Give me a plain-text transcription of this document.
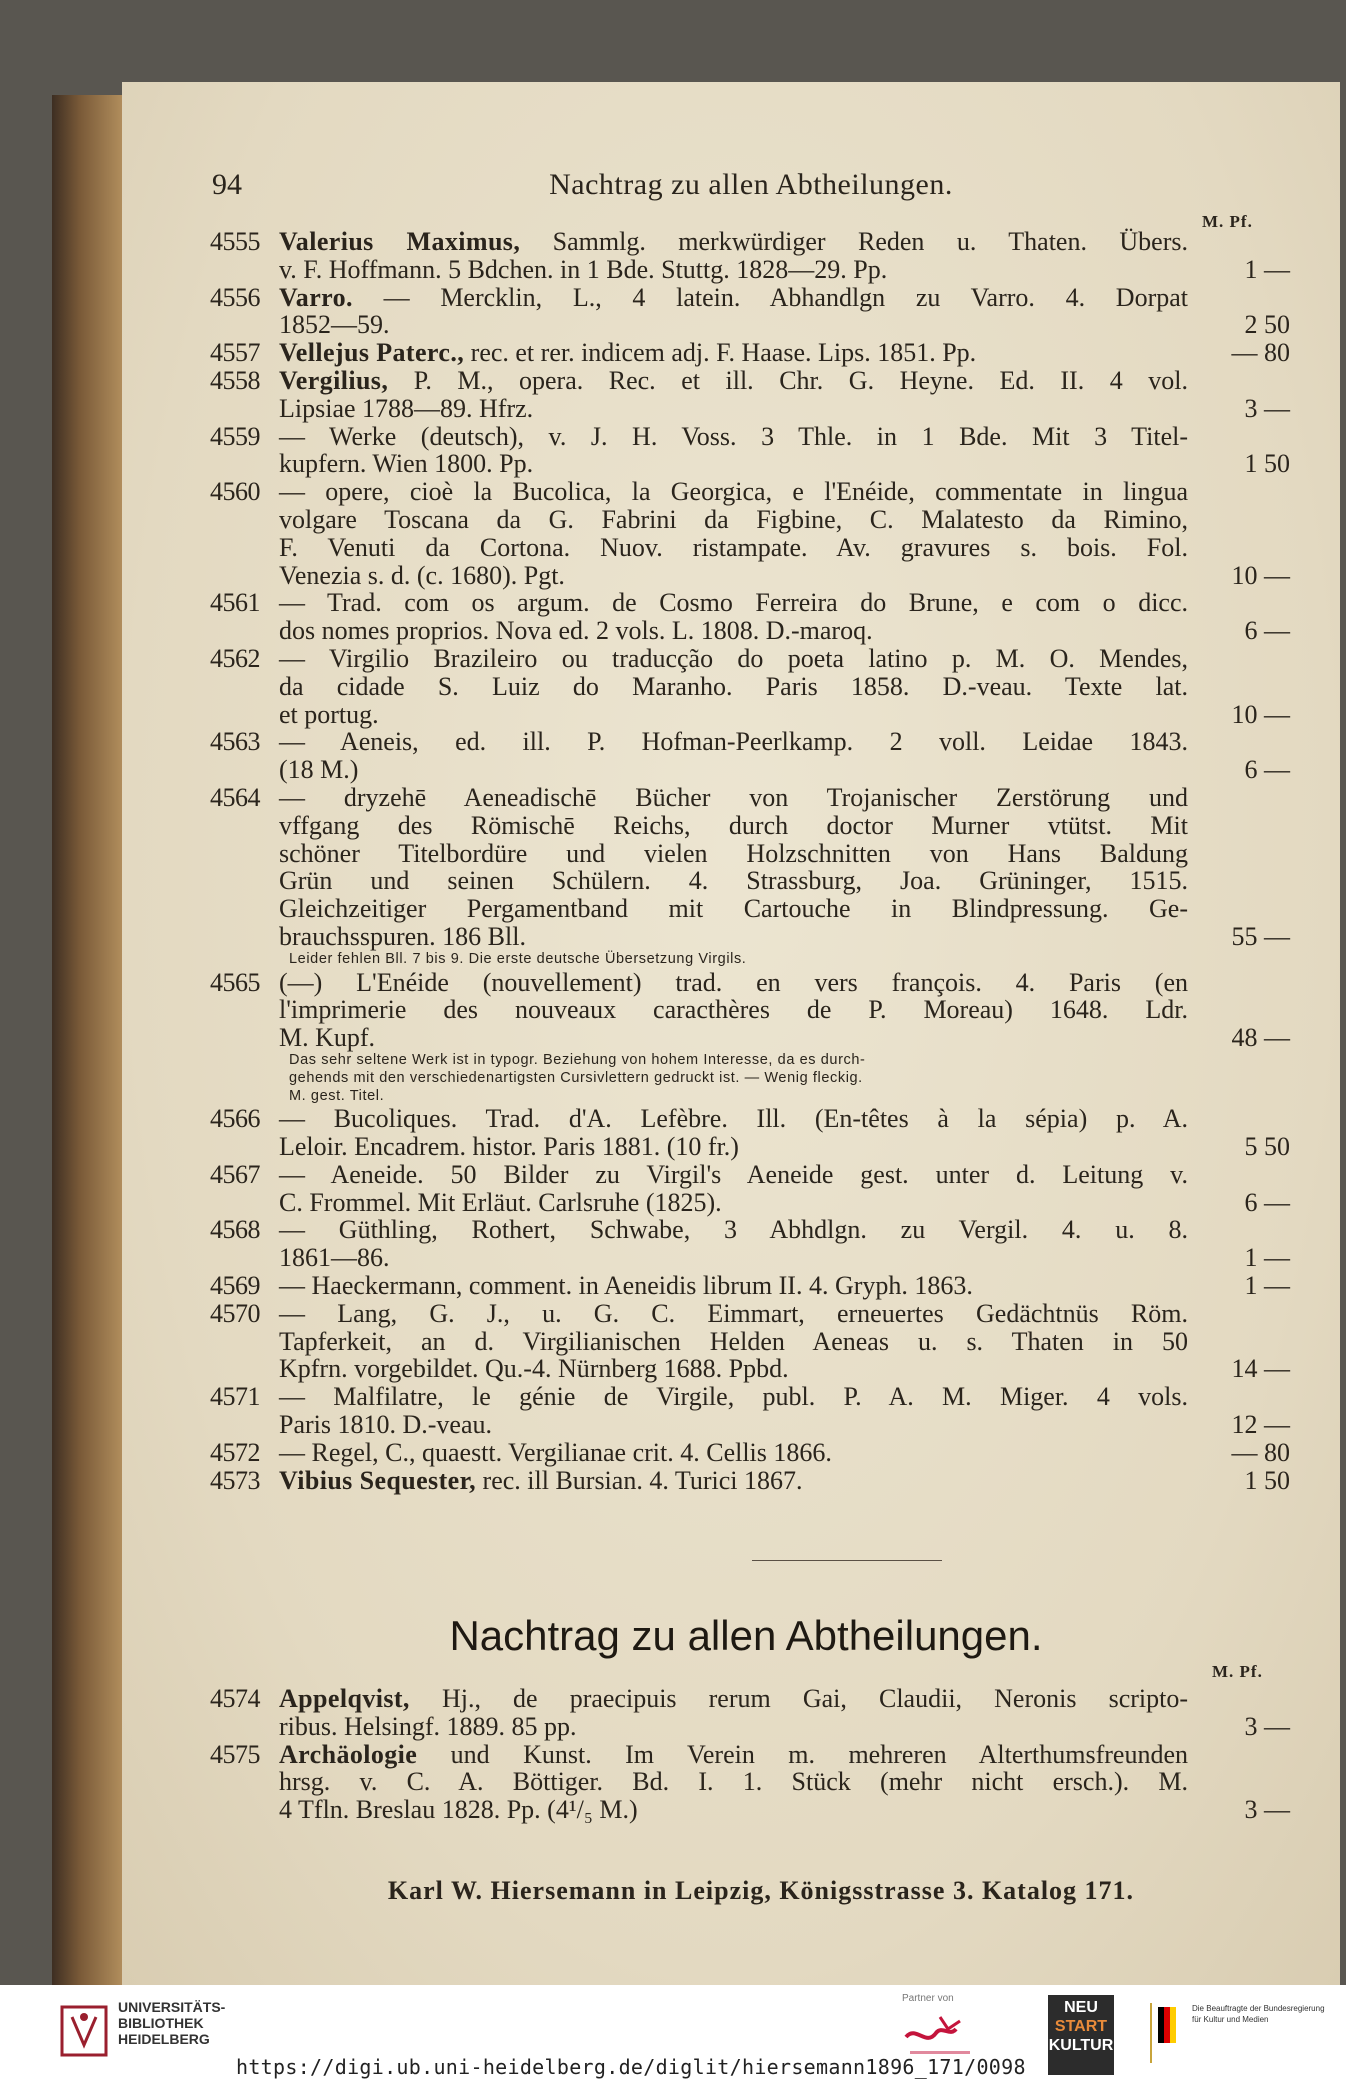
94	Nachtrag zu allen Abtheilungen.
M. Pf.
4555 Valerius Maximus, Sammlg. merkwürdiger Reden u. Thaten. Übers.
v. F. Hoffmann. 5 Bdchen. in 1 Bde. Stuttg. 1828—29. Pp.	1 —
4556 Varro. — Mercklin, L., 4 latein. Abhandlgn zu Varro. 4. Dorpat
1852—59.	2 50
4557 Vellejus Paterc., rec. et rer. indicem adj. F. Haase. Lips. 1851. Pp.	— 80
4558 Vergilius, P. M., opera. Rec. et ill. Chr. G. Heyne. Ed. II. 4 vol.
Lipsiae 1788—89. Hfrz.	3 —
4559 — Werke (deutsch), v. J. H. Voss. 3 Thle. in 1 Bde. Mit 3 Titel-
kupfern. Wien 1800. Pp.	1 50
4560 — opere, cioè la Bucolica, la Georgica, e l'Enéide, commentate in lingua
volgare Toscana da G. Fabrini da Figbine, C. Malatesto da Rimino,
F. Venuti da Cortona. Nuov. ristampate. Av. gravures s. bois. Fol.
Venezia s. d. (c. 1680). Pgt.	10 —
4561 — Trad. com os argum. de Cosmo Ferreira do Brune, e com o dicc.
dos nomes proprios. Nova ed. 2 vols. L. 1808. D.-maroq.	6 —
4562 — Virgilio Brazileiro ou traducção do poeta latino p. M. O. Mendes,
da cidade S. Luiz do Maranho. Paris 1858. D.-veau. Texte lat.
et portug.	10 —
4563 — Aeneis, ed. ill. P. Hofman-Peerlkamp. 2 voll. Leidae 1843.
(18 M.)	6 —
4564 — dryzehē Aeneadischē Bücher von Trojanischer Zerstörung und
vffgang des Römischē Reichs, durch doctor Murner vtütst. Mit
schöner Titelbordüre und vielen Holzschnitten von Hans Baldung
Grün und seinen Schülern. 4. Strassburg, Joa. Grüninger, 1515.
Gleichzeitiger Pergamentband mit Cartouche in Blindpressung. Ge-
brauchsspuren. 186 Bll.	55 —
Leider fehlen Bll. 7 bis 9. Die erste deutsche Übersetzung Virgils.
4565 (—) L'Enéide (nouvellement) trad. en vers françois. 4. Paris (en
l'imprimerie des nouveaux caracthères de P. Moreau) 1648. Ldr.
M. Kupf.	48 —
Das sehr seltene Werk ist in typogr. Beziehung von hohem Interesse, da es durch-
gehends mit den verschiedenartigsten Cursivlettern gedruckt ist. — Wenig fleckig.
M. gest. Titel.
4566 — Bucoliques. Trad. d'A. Lefèbre. Ill. (En-têtes à la sépia) p. A.
Leloir. Encadrem. histor. Paris 1881. (10 fr.)	5 50
4567 — Aeneide. 50 Bilder zu Virgil's Aeneide gest. unter d. Leitung v.
C. Frommel. Mit Erläut. Carlsruhe (1825).	6 —
4568 — Güthling, Rothert, Schwabe, 3 Abhdlgn. zu Vergil. 4. u. 8.
1861—86.	1 —
4569 — Haeckermann, comment. in Aeneidis librum II. 4. Gryph. 1863.	1 —
4570 — Lang, G. J., u. G. C. Eimmart, erneuertes Gedächtnüs Röm.
Tapferkeit, an d. Virgilianischen Helden Aeneas u. s. Thaten in 50
Kpfrn. vorgebildet. Qu.-4. Nürnberg 1688. Ppbd.	14 —
4571 — Malfilatre, le génie de Virgile, publ. P. A. M. Miger. 4 vols.
Paris 1810. D.-veau.	12 —
4572 — Regel, C., quaestt. Vergilianae crit. 4. Cellis 1866.	— 80
4573 Vibius Sequester, rec. ill Bursian. 4. Turici 1867.	1 50
Nachtrag zu allen Abtheilungen.
M. Pf.
4574 Appelqvist, Hj., de praecipuis rerum Gai, Claudii, Neronis scripto-
ribus. Helsingf. 1889. 85 pp.	3 —
4575 Archäologie und Kunst. Im Verein m. mehreren Alterthumsfreunden
hrsg. v. C. A. Böttiger. Bd. I. 1. Stück (mehr nicht ersch.). M.
4 Tfln. Breslau 1828. Pp. (4¹/₅ M.)	3 —
Karl W. Hiersemann in Leipzig, Königsstrasse 3. Katalog 171.
UNIVERSITÄTS-
BIBLIOTHEK
HEIDELBERG
Partner von
NEU
START
KULTUR
Die Beauftragte der Bundesregierung
für Kultur und Medien
https://digi.ub.uni-heidelberg.de/diglit/hiersemann1896_171/0098
